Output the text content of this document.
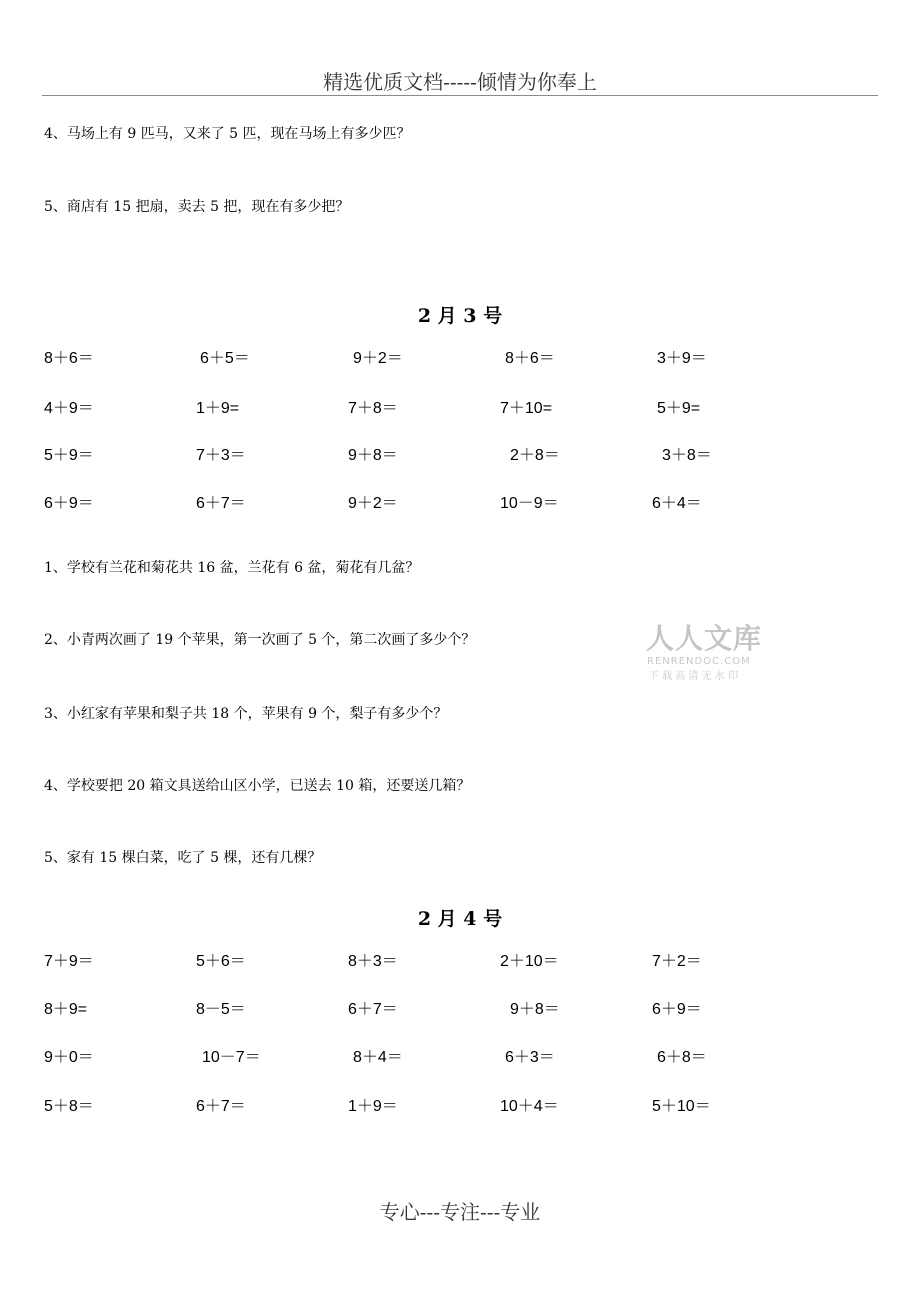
精选优质文档-----倾情为你奉上
4、马场上有 9 匹马，又来了 5 匹，现在马场上有多少匹？
5、商店有 15 把扇，卖去 5 把，现在有多少把？
2 月 3 号
8＋6＝	6＋5＝	9＋2＝	8＋6＝	3＋9＝
4＋9＝	1＋9=	7＋8＝	7＋10=	5＋9=
5＋9＝	7＋3＝	9＋8＝	2＋8＝	3＋8＝
6＋9＝	6＋7＝	9＋2＝	10－9＝	6＋4＝
1、学校有兰花和菊花共 16 盆，兰花有 6 盆，菊花有几盆？
2、小青两次画了 19 个苹果，第一次画了 5 个，第二次画了多少个？
3、小红家有苹果和梨子共 18 个，苹果有 9 个，梨子有多少个？
4、学校要把 20 箱文具送给山区小学，已送去 10 箱，还要送几箱？
5、家有 15 棵白菜，吃了 5 棵，还有几棵？
人人文库
RENRENDOC.COM
下 载 高 清 无 水 印
2 月 4 号
7＋9＝	5＋6＝	8＋3＝	2＋10＝	7＋2＝
8＋9=	8－5＝	6＋7＝	9＋8＝	6＋9＝
9＋0＝	10－7＝	8＋4＝	6＋3＝	6＋8＝
5＋8＝	6＋7＝	1＋9＝	10＋4＝	5＋10＝
专心---专注---专业
